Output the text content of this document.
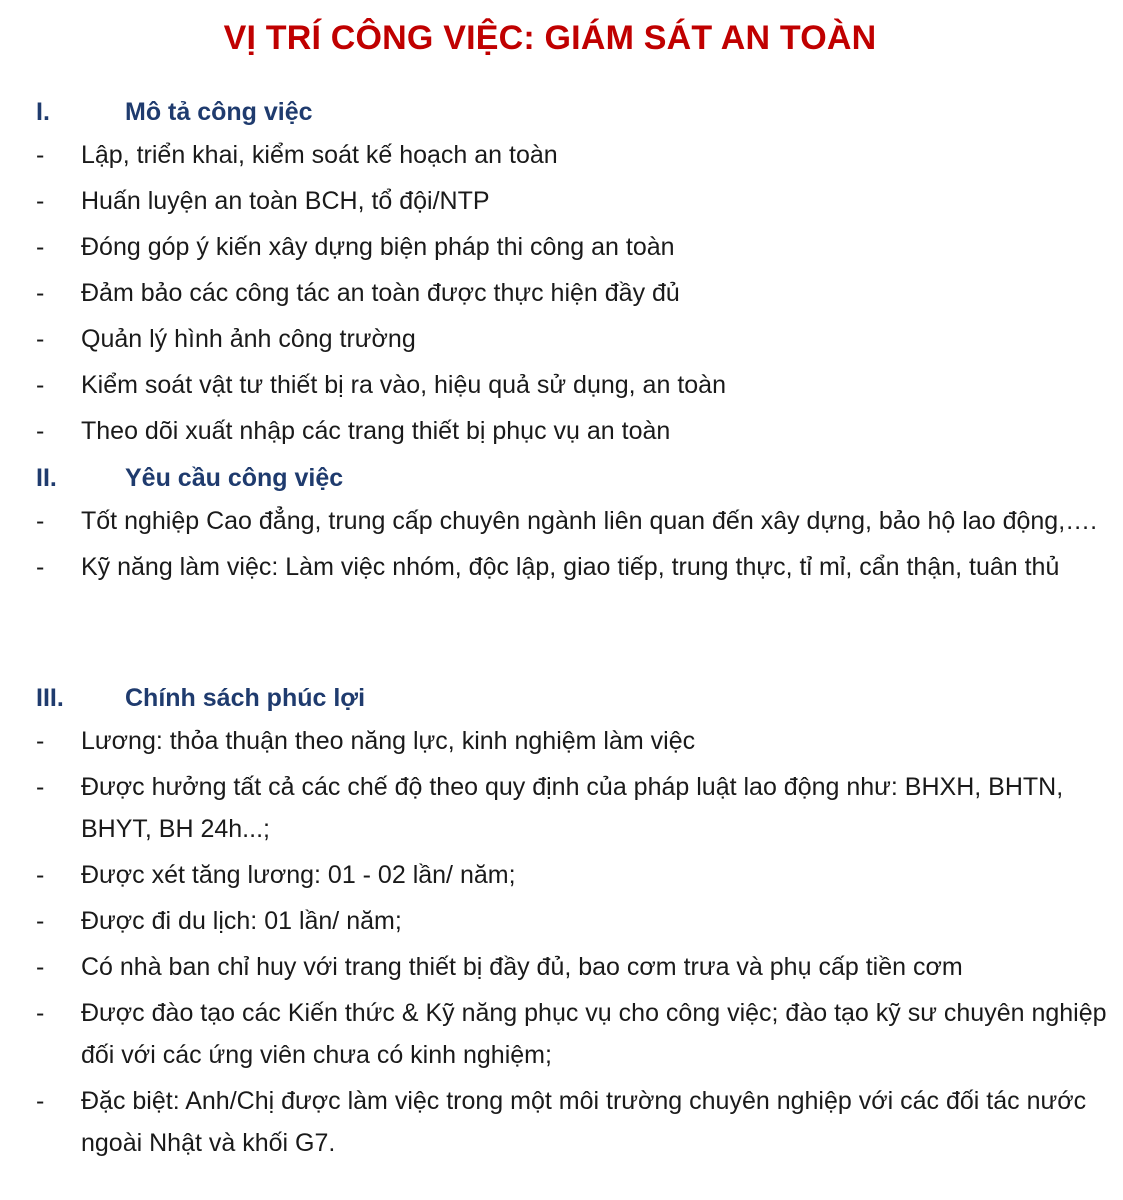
VỊ TRÍ CÔNG VIỆC: GIÁM SÁT AN TOÀN
I.	Mô tả công việc
- Lập, triển khai, kiểm soát kế hoạch an toàn
- Huấn luyện an toàn BCH, tổ đội/NTP
- Đóng góp ý kiến xây dựng biện pháp thi công an toàn
- Đảm bảo các công tác an toàn được thực hiện đầy đủ
- Quản lý hình ảnh công trường
- Kiểm soát vật tư thiết bị ra vào, hiệu quả sử dụng, an toàn
- Theo dõi xuất nhập các trang thiết bị phục vụ an toàn
II.	Yêu cầu công việc
- Tốt nghiệp Cao đẳng, trung cấp chuyên ngành liên quan đến xây dựng, bảo hộ lao động,….
- Kỹ năng làm việc: Làm việc nhóm, độc lập, giao tiếp, trung thực, tỉ mỉ, cẩn thận, tuân thủ
III. Chính sách phúc lợi
- Lương: thỏa thuận theo năng lực, kinh nghiệm làm việc
- Được hưởng tất cả các chế độ theo quy định của pháp luật lao động như: BHXH, BHTN, BHYT, BH 24h...;
- Được xét tăng lương: 01 - 02 lần/ năm;
- Được đi du lịch: 01 lần/ năm;
- Có nhà ban chỉ huy với trang thiết bị đầy đủ, bao cơm trưa và phụ cấp tiền cơm
- Được đào tạo các Kiến thức & Kỹ năng phục vụ cho công việc; đào tạo kỹ sư chuyên nghiệp đối với các ứng viên chưa có kinh nghiệm;
- Đặc biệt: Anh/Chị được làm việc trong một môi trường chuyên nghiệp với các đối tác nước ngoài Nhật và khối G7.
